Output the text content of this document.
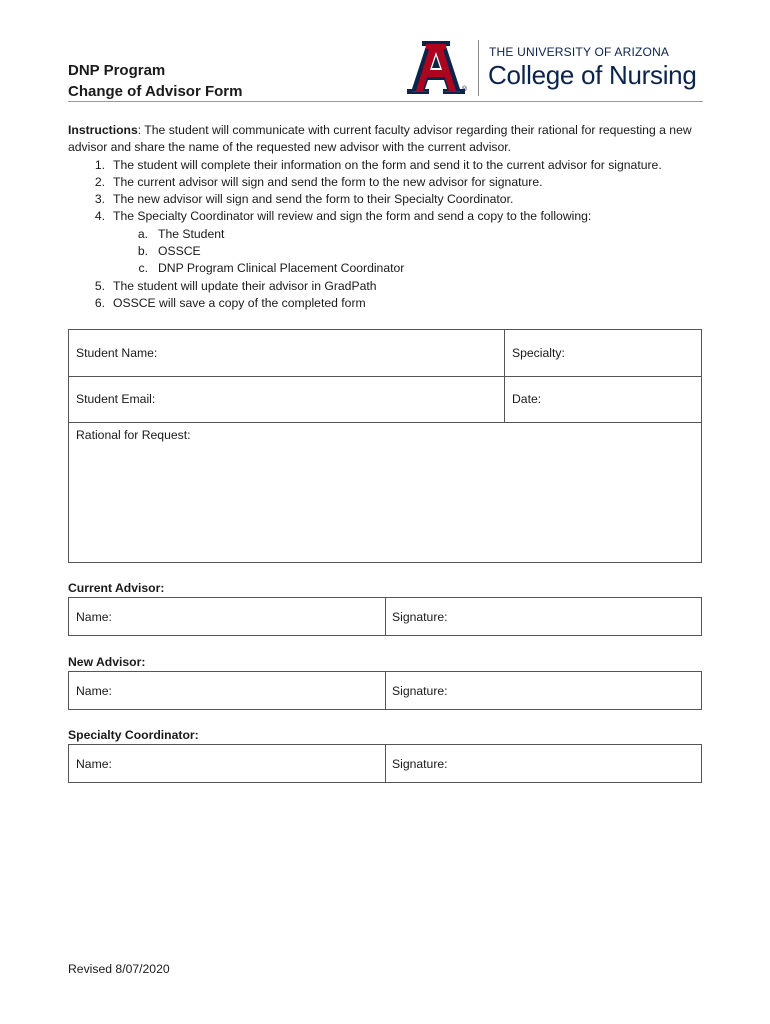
DNP Program
Change of Advisor Form	®
THE UNIVERSITY OF ARIZONA
College of Nursing

Instructions: The student will communicate with current faculty advisor regarding their rational for requesting a new advisor and share the name of the requested new advisor with the current advisor.

1. The student will complete their information on the form and send it to the current advisor for signature.
2. The current advisor will sign and send the form to the new advisor for signature.
3. The new advisor will sign and send the form to their Specialty Coordinator.
4. The Specialty Coordinator will review and sign the form and send a copy to the following:
a. The Student
b. OSSCE
c. DNP Program Clinical Placement Coordinator
5. The student will update their advisor in GradPath
6. OSSCE will save a copy of the completed form
Student Name:	Specialty:
Student Email:	Date:
Rational for Request:
Current Advisor:
Name:	Signature:
New Advisor:
Name:	Signature:
Specialty Coordinator:
Name:	Signature:
Revised 8/07/2020
